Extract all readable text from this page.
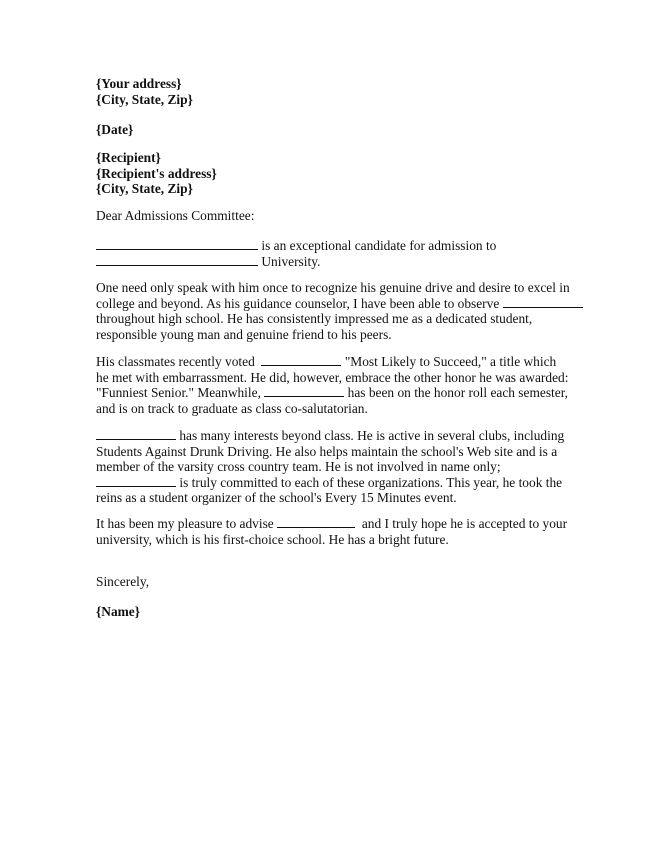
{Your address}
{City, State, Zip}
{Date}
{Recipient}
{Recipient's address}
{City, State, Zip}
Dear Admissions Committee:
is an exceptional candidate for admission to
University.
One need only speak with him once to recognize his genuine drive and desire to excel in
college and beyond. As his guidance counselor, I have been able to observe
throughout high school. He has consistently impressed me as a dedicated student,
responsible young man and genuine friend to his peers.
His classmates recently voted	"Most Likely to Succeed," a title which
he met with embarrassment. He did, however, embrace the other honor he was awarded:
"Funniest Senior." Meanwhile,	has been on the honor roll each semester,
and is on track to graduate as class co-salutatorian.
has many interests beyond class. He is active in several clubs, including
Students Against Drunk Driving. He also helps maintain the school's Web site and is a
member of the varsity cross country team. He is not involved in name only;
is truly committed to each of these organizations. This year, he took the
reins as a student organizer of the school's Every 15 Minutes event.
It has been my pleasure to advise	and I truly hope he is accepted to your
university, which is his first-choice school. He has a bright future.
Sincerely,
{Name}
